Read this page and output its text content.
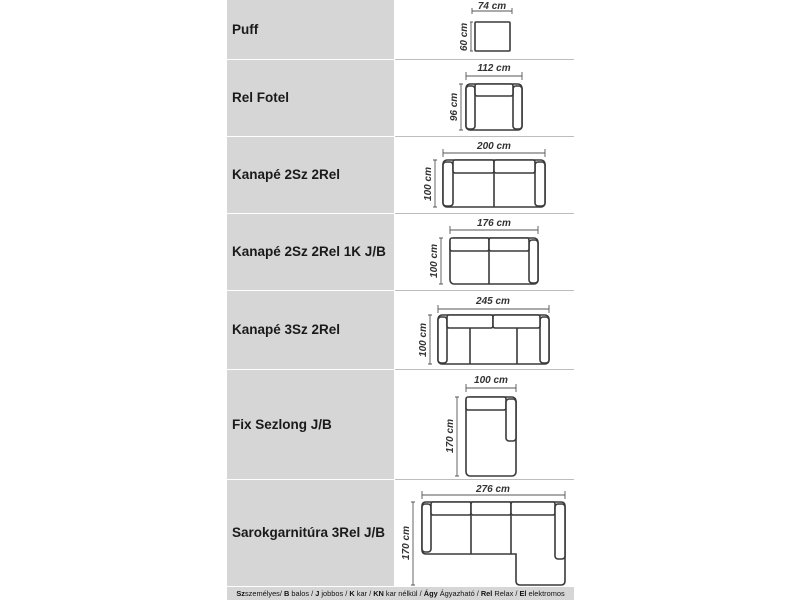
Puff
74 cm
60 cm
Rel Fotel
112 cm
96 cm
Kanapé 2Sz 2Rel
200 cm
100 cm
Kanapé 2Sz 2Rel 1K J/B
176 cm
100 cm
Kanapé 3Sz 2Rel
245 cm
100 cm
Fix Sezlong J/B
100 cm
170 cm
Sarokgarnitúra 3Rel J/B
276 cm
170 cm
Szszemélyes/ B balos / J jobbos / K kar / KN kar nélkül / Ágy Ágyazható / Rel Relax / El elektromos
